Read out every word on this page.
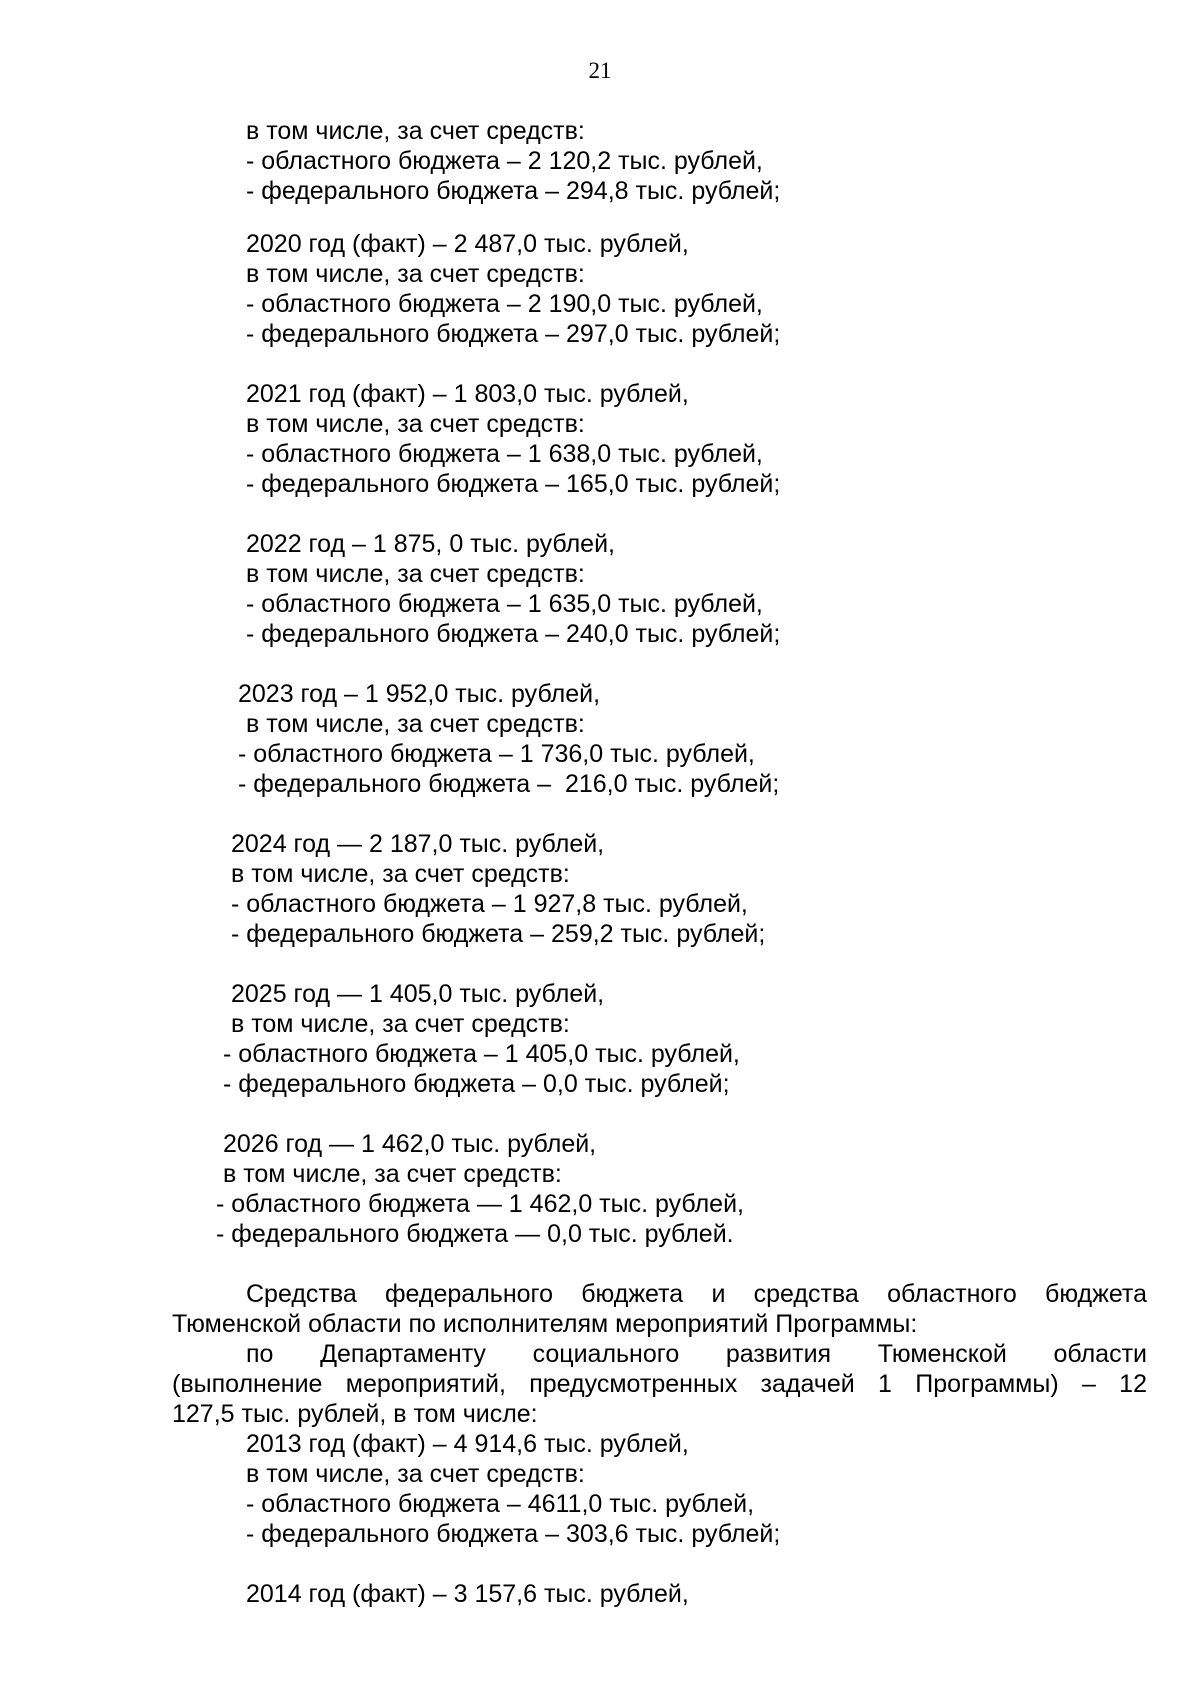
21
в том числе, за счет средств:
- областного бюджета – 2 120,2 тыс. рублей,
- федерального бюджета – 294,8 тыс. рублей;
2020 год (факт) – 2 487,0 тыс. рублей,
в том числе, за счет средств:
- областного бюджета – 2 190,0 тыс. рублей,
- федерального бюджета – 297,0 тыс. рублей;
2021 год (факт) – 1 803,0 тыс. рублей,
в том числе, за счет средств:
- областного бюджета – 1 638,0 тыс. рублей,
- федерального бюджета – 165,0 тыс. рублей;
2022 год – 1 875, 0 тыс. рублей,
в том числе, за счет средств:
- областного бюджета – 1 635,0 тыс. рублей,
- федерального бюджета – 240,0 тыс. рублей;
2023 год – 1 952,0 тыс. рублей,
в том числе, за счет средств:
- областного бюджета – 1 736,0 тыс. рублей,
- федерального бюджета –  216,0 тыс. рублей;
2024 год — 2 187,0 тыс. рублей,
в том числе, за счет средств:
- областного бюджета – 1 927,8 тыс. рублей,
- федерального бюджета – 259,2 тыс. рублей;
2025 год — 1 405,0 тыс. рублей,
в том числе, за счет средств:
- областного бюджета – 1 405,0 тыс. рублей,
- федерального бюджета – 0,0 тыс. рублей;
2026 год — 1 462,0 тыс. рублей,
в том числе, за счет средств:
- областного бюджета — 1 462,0 тыс. рублей,
- федерального бюджета — 0,0 тыс. рублей.
Средства федерального бюджета и средства областного бюджета
Тюменской области по исполнителям мероприятий Программы:
по Департаменту социального развития Тюменской области
(выполнение мероприятий, предусмотренных задачей 1 Программы) – 12
127,5 тыс. рублей, в том числе:
2013 год (факт) – 4 914,6 тыс. рублей,
в том числе, за счет средств:
- областного бюджета – 4611,0 тыс. рублей,
- федерального бюджета – 303,6 тыс. рублей;
2014 год (факт) – 3 157,6 тыс. рублей,
